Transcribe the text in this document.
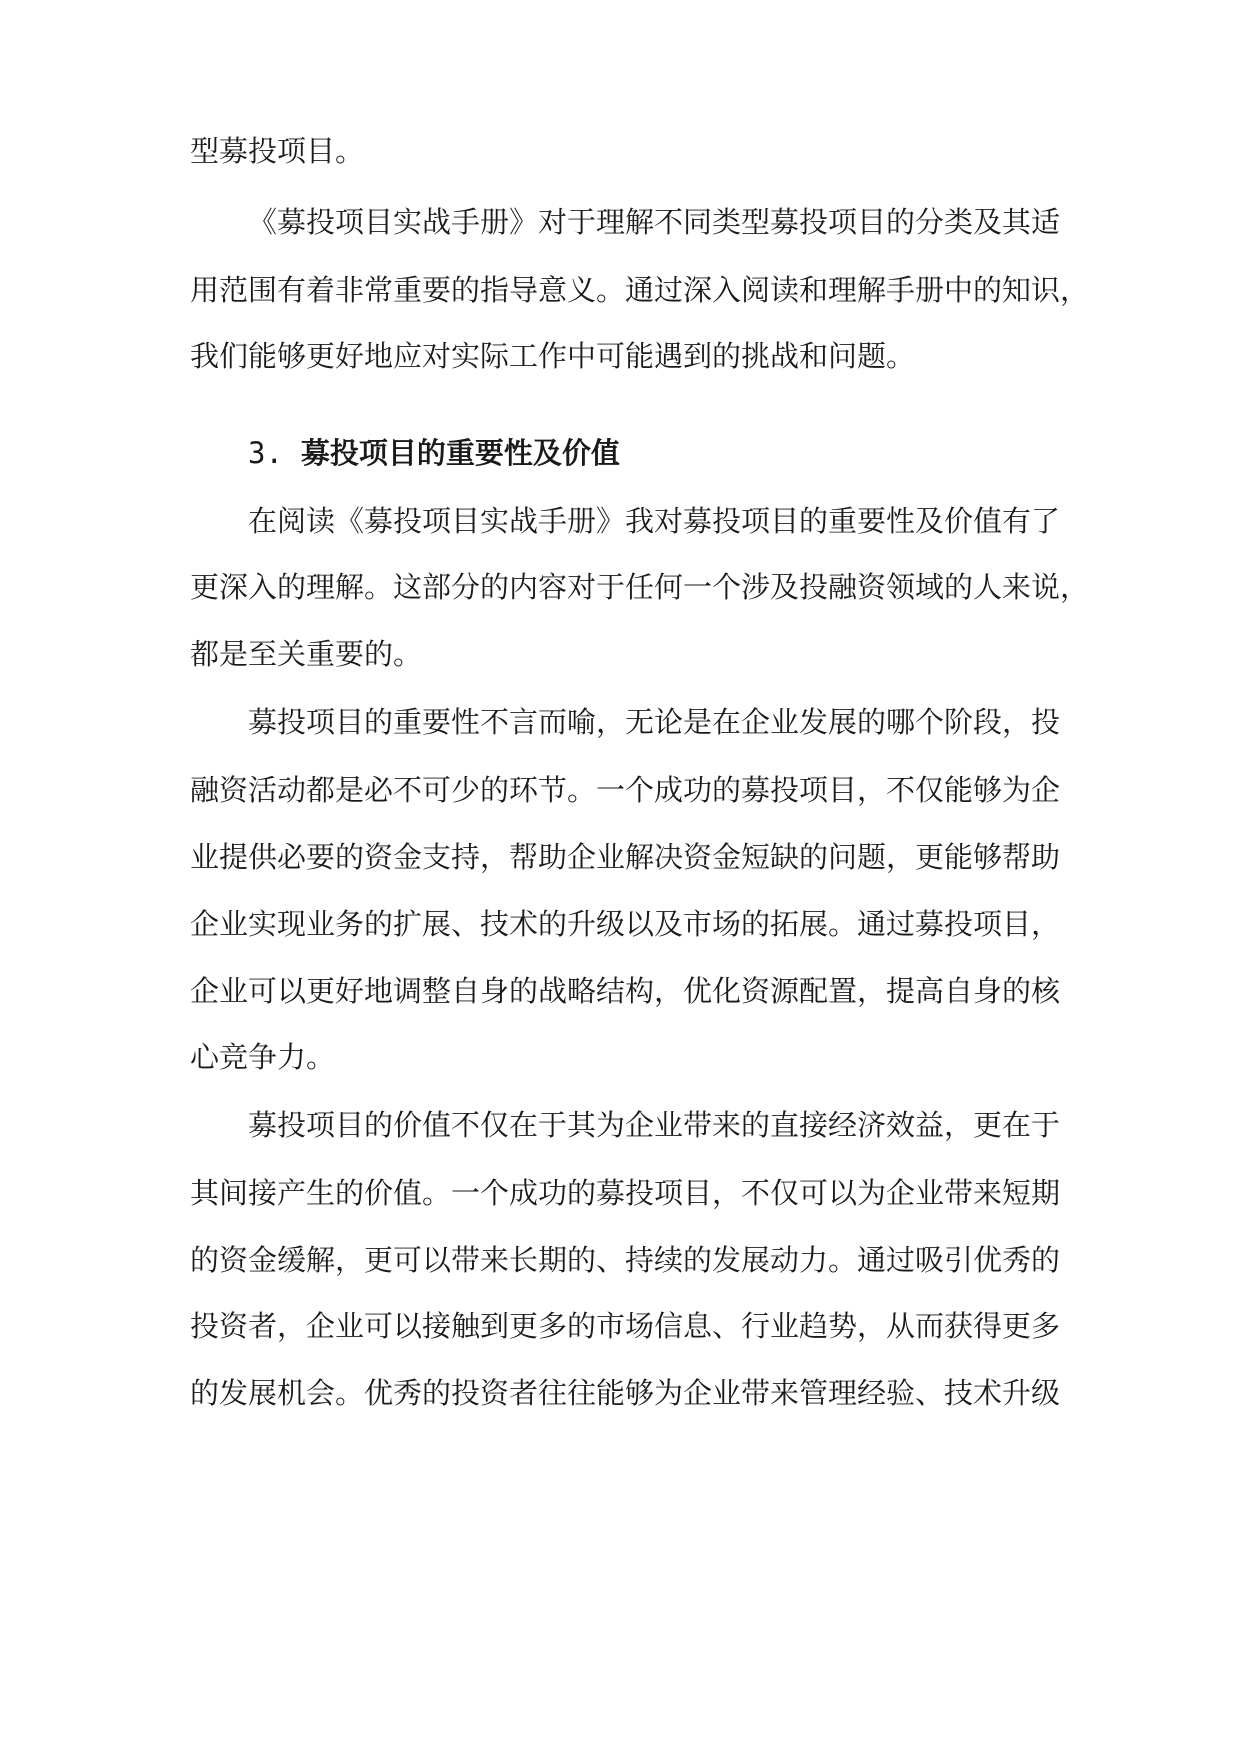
型募投项目。
《募投项目实战手册》对于理解不同类型募投项目的分类及其适
用范围有着非常重要的指导意义。通过深入阅读和理解手册中的知识，
我们能够更好地应对实际工作中可能遇到的挑战和问题。
3. 募投项目的重要性及价值
在阅读《募投项目实战手册》我对募投项目的重要性及价值有了
更深入的理解。这部分的内容对于任何一个涉及投融资领域的人来说，
都是至关重要的。
募投项目的重要性不言而喻，无论是在企业发展的哪个阶段，投
融资活动都是必不可少的环节。一个成功的募投项目，不仅能够为企
业提供必要的资金支持，帮助企业解决资金短缺的问题，更能够帮助
企业实现业务的扩展、技术的升级以及市场的拓展。通过募投项目，
企业可以更好地调整自身的战略结构，优化资源配置，提高自身的核
心竞争力。
募投项目的价值不仅在于其为企业带来的直接经济效益，更在于
其间接产生的价值。一个成功的募投项目，不仅可以为企业带来短期
的资金缓解，更可以带来长期的、持续的发展动力。通过吸引优秀的
投资者，企业可以接触到更多的市场信息、行业趋势，从而获得更多
的发展机会。优秀的投资者往往能够为企业带来管理经验、技术升级
